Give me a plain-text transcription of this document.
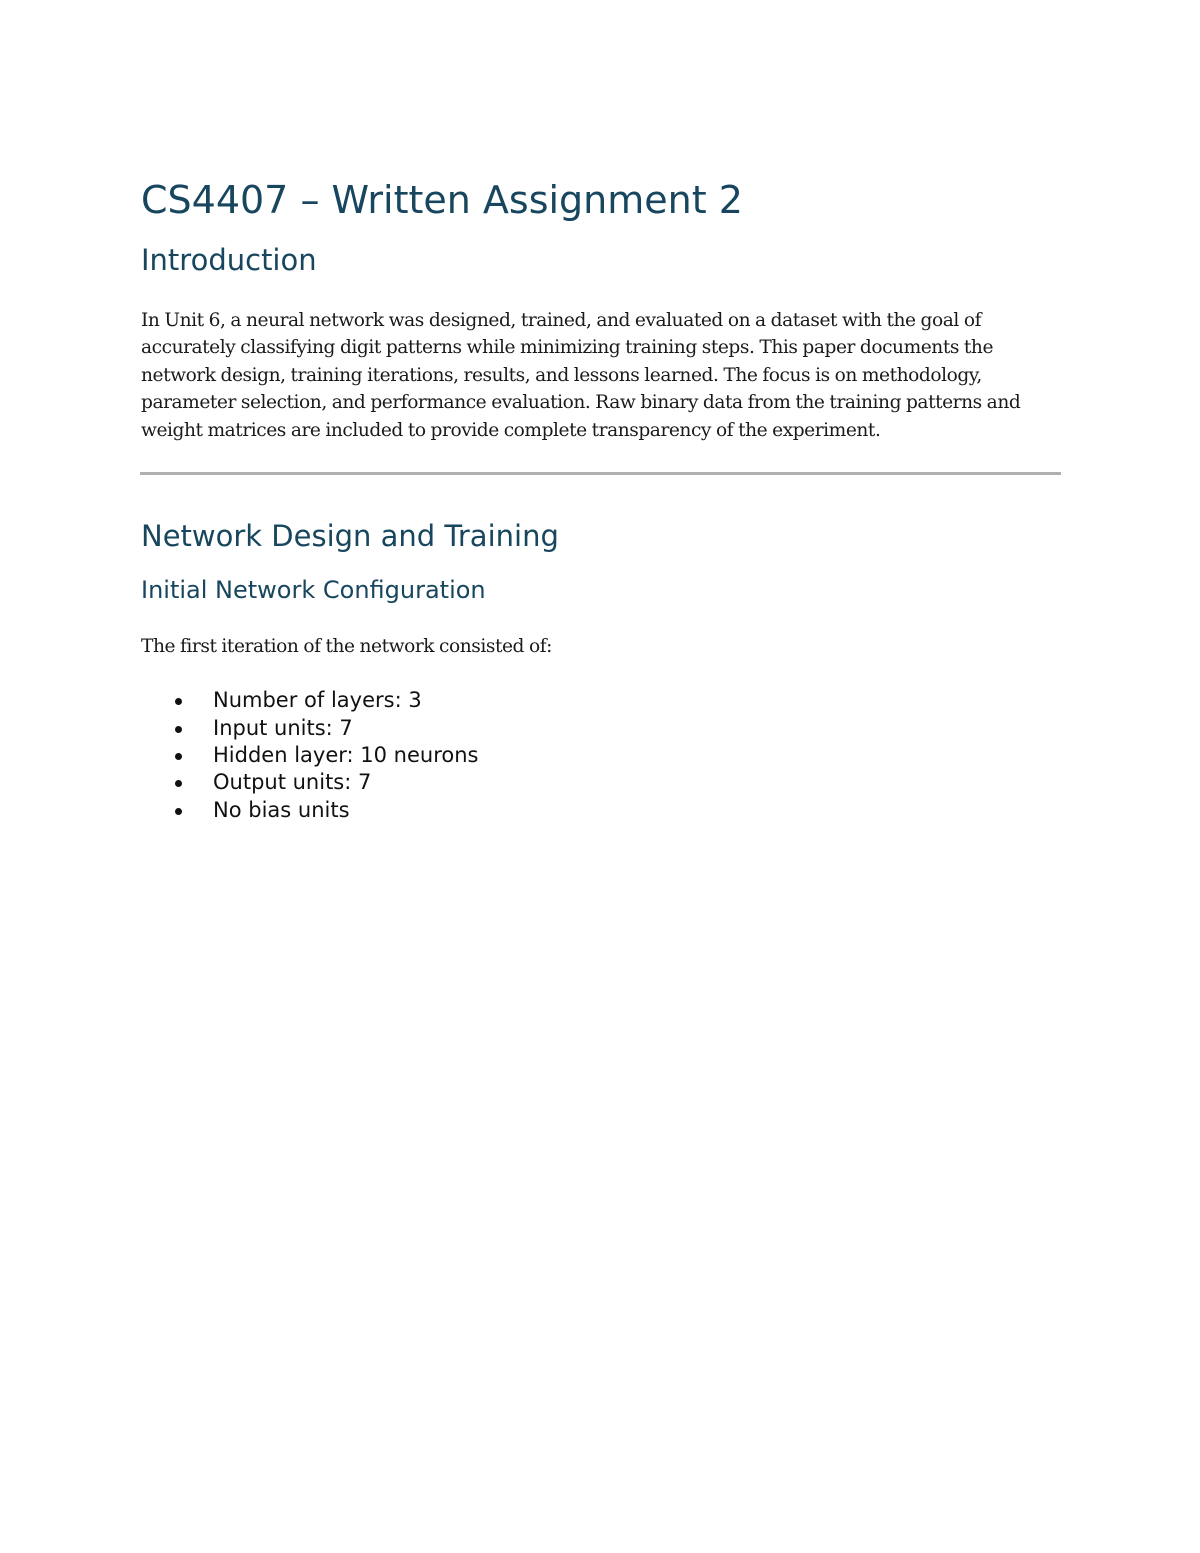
CS4407 – Written Assignment 2
Introduction

In Unit 6, a neural network was designed, trained, and evaluated on a dataset with the goal of accurately classifying digit patterns while minimizing training steps. This paper documents the network design, training iterations, results, and lessons learned. The focus is on methodology, parameter selection, and performance evaluation. Raw binary data from the training patterns and weight matrices are included to provide complete transparency of the experiment.

Network Design and Training
Initial Network Configuration

The first iteration of the network consisted of:

Number of layers: 3
Input units: 7
Hidden layer: 10 neurons
Output units: 7
No bias units
